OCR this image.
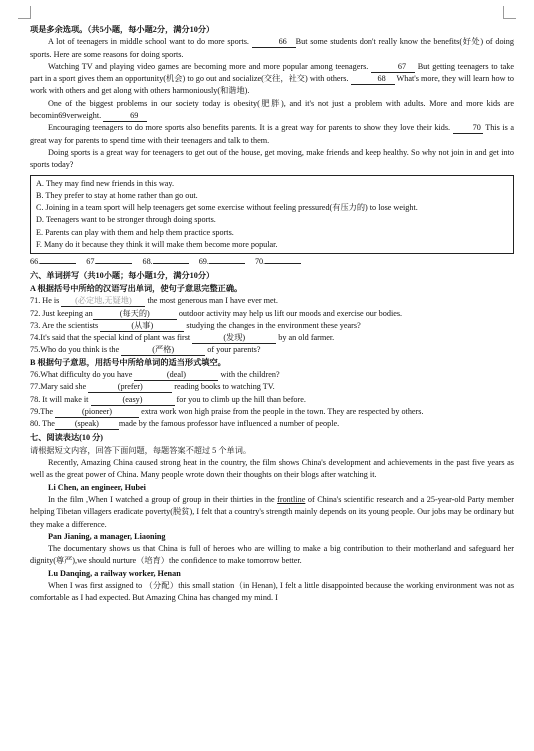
项是多余选项。（共5小题，每小题2分，满分10分）

A lot of teenagers in middle school want to do more sports.	66 But some students don't really know the benefits(好处) of doing sports. Here are some reasons for doing sports.

Watching TV and playing video games are becoming more and more popular among teenagers.	67 But getting teenagers to take part in a sport gives them an opportunity(机会) to go out and socialize(交往，社交) with others.	68 What's more, they will learn how to work with others and get along with others harmoniously(和谐地).

One of the biggest problems in our society today is obesity(肥胖), and it's not just a problem with adults. More and more kids are becomin69verweight.	69

Encouraging teenagers to do more sports also benefits parents. It is a great way for parents to show they love their kids. 70 This is a great way for parents to spend time with their teenagers and talk to them.

Doing sports is a great way for teenagers to get out of the house, get moving, make friends and keep healthy. So why not join in and get into sports today?

A. They may find new friends in this way.

B. They prefer to stay at home rather than go out.

C. Joining in a team sport will help teenagers get some exercise without feeling pressured(有压力的) to lose weight.

D. Teenagers want to be stronger through doing sports.

E. Parents can play with them and help them practice sports.

F. Many do it because they think it will make them become more popular.

66.	67.	68.	69.	70.

六、单词拼写（共10小题；每小题1分，满分10分）

A 根据括号中所给的汉语写出单词，使句子意思完整正确。

71. He is (必定地,无疑地) the most generous man I have ever met.

72. Just keeping an	(每天的)	outdoor activity may help us lift our moods and exercise our bodies.

73. Are the scientists	(从事)	studying the changes in the environment these years?

74.It's said that the special kind of plant was first	(发现)	by an old farmer.

75.Who do you think is the	(严格)	of your parents?

B 根据句子意思，用括号中所给单词的适当形式填空。

76.What difficulty do you have	(deal)	with the children?

77.Mary said she	(prefer)	reading books to watching TV.

78. It will make it	(easy)	for you to climb up the hill than before.

79.The	(pioneer)	extra work won high praise from the people in the town. They are respected by others.

80. The (speak) made by the famous professor have influenced a number of people.

七、阅读表达(10 分)

请根据短文内容，回答下面问题，每题答案不超过 5 个单词。

Recently, Amazing China caused strong heat in the country, the film shows China's development and achievements in the past five years as well as the great power of China. Many people wrote down their thoughts on their blogs after watching it.

Li Chen, an engineer, Hubei

In the film ,When I watched a group of group in their thirties in the frontline of China's scientific research and a 25-year-old Party member helping Tibetan villagers eradicate poverty(脱贫), I felt that a country's strength mainly depends on its young people. Our jobs may be ordinary but they make a difference.

Pan Jianing, a manager, Liaoning

The documentary shows us that China is full of heroes who are willing to make a big contribution to their motherland and safeguard her dignity(尊严),we should nurture（培育）the confidence to make tomorrow better.

Lu Danqing, a railway worker, Henan

When I was first assigned to （分配）this small station（in Henan), I felt a little disappointed because the working environment was not as comfortable as I had expected. But Amazing China has changed my mind. I
